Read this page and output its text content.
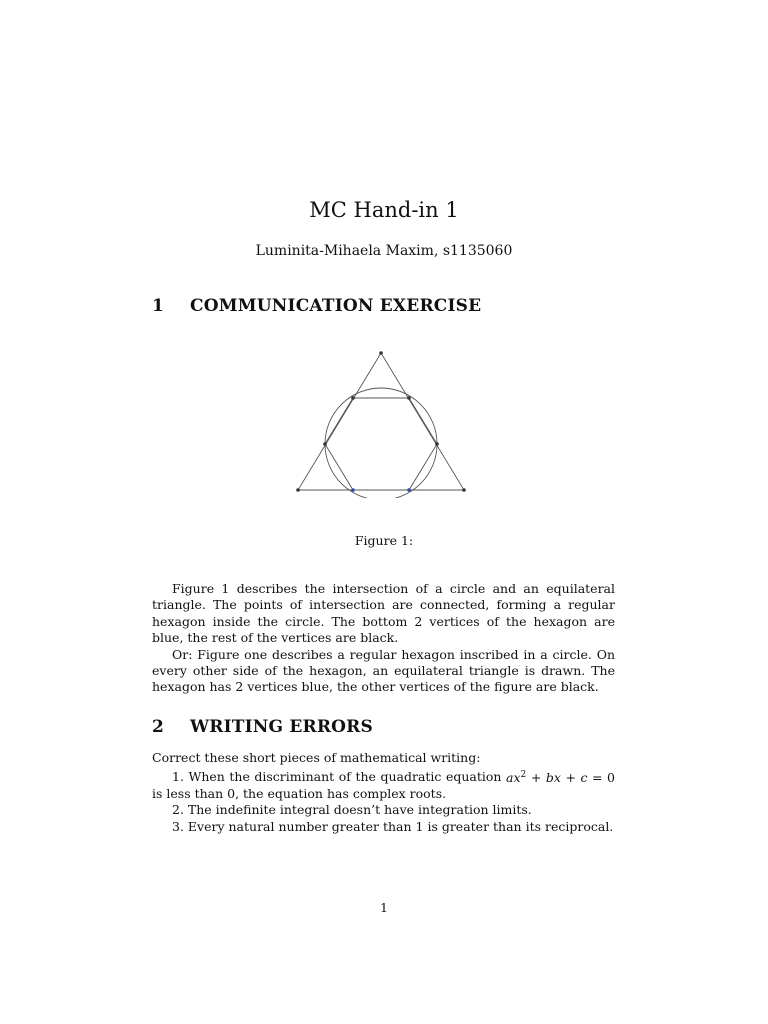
MC Hand-in 1
Luminita-Mihaela Maxim, s1135060
1 COMMUNICATION EXERCISE
Figure 1:

Figure 1 describes the intersection of a circle and an equilateral triangle. The points of intersection are connected, forming a regular hexagon inside the circle. The bottom 2 vertices of the hexagon are blue, the rest of the vertices are black.

Or: Figure one describes a regular hexagon inscribed in a circle. On every other side of the hexagon, an equilateral triangle is drawn. The hexagon has 2 vertices blue, the other vertices of the figure are black.

2 WRITING ERRORS

Correct these short pieces of mathematical writing:

1. When the discriminant of the quadratic equation $ax^2$ + bx + c = 0 is less than 0, the equation has complex roots.

2. The indefinite integral doesn’t have integration limits.

3. Every natural number greater than 1 is greater than its reciprocal.

1
